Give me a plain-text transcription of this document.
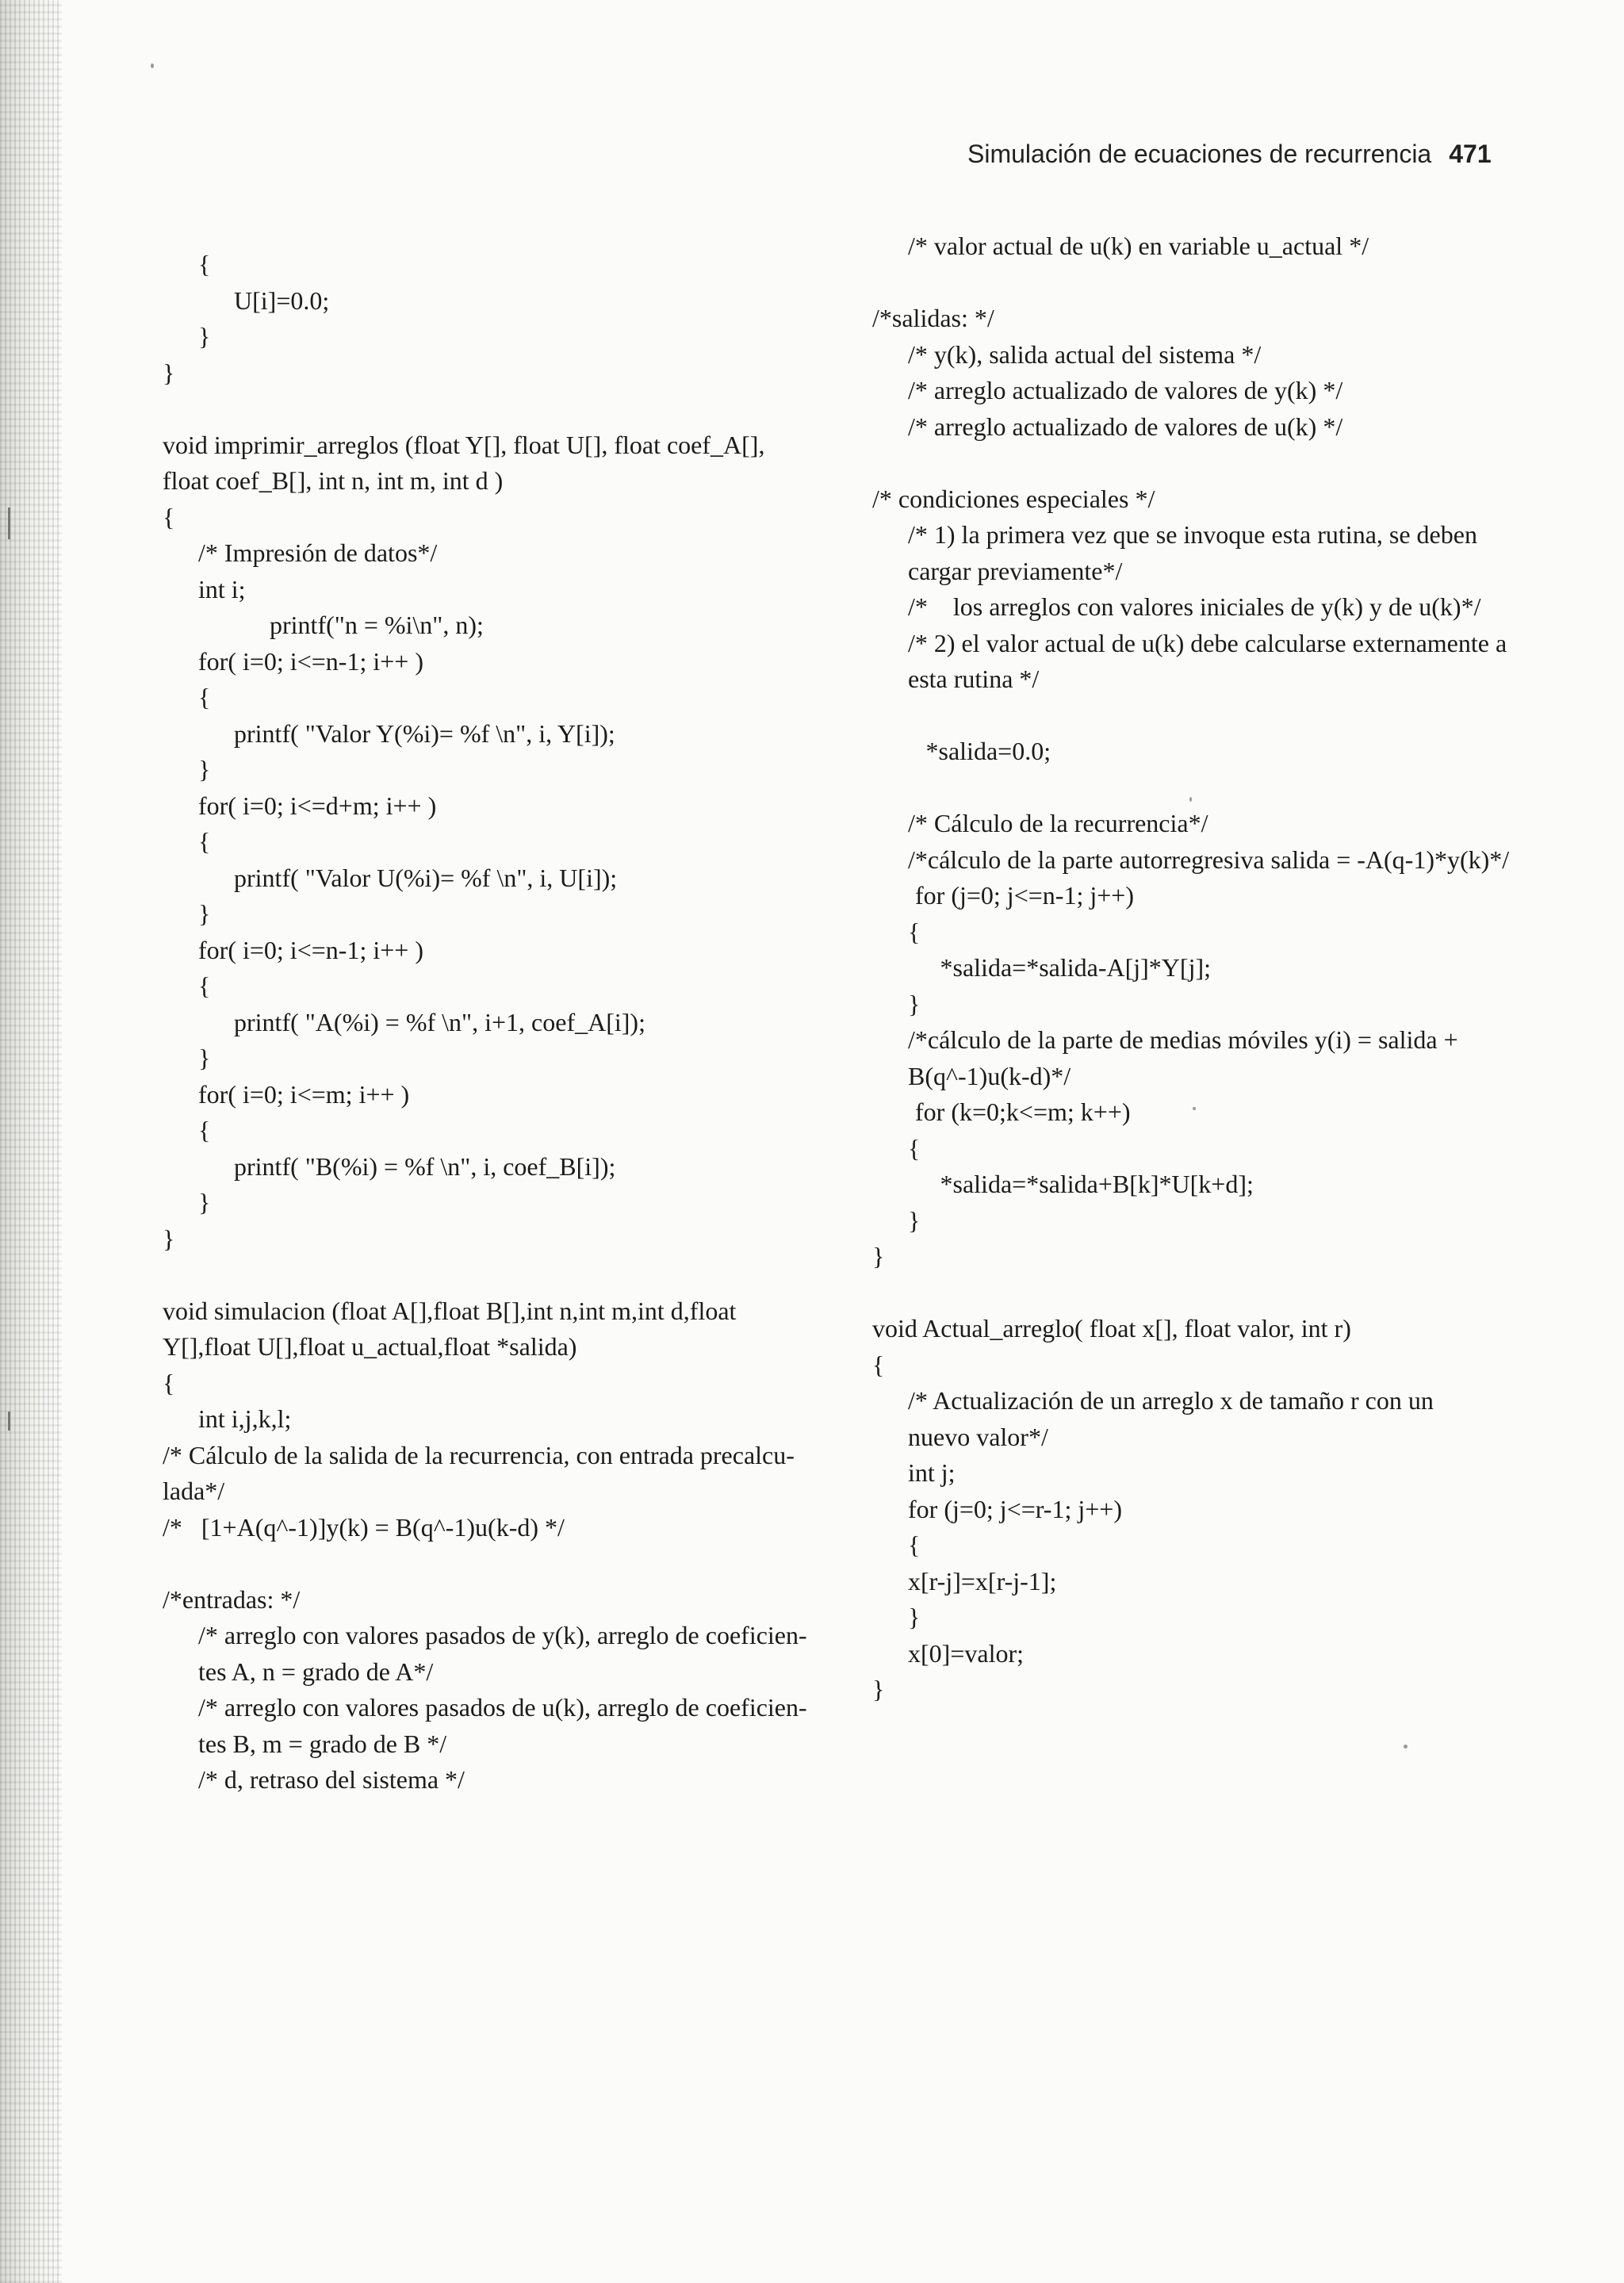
Simulación de ecuaciones de recurrencia 471
{
U[i]=0.0;
}
}

void imprimir_arreglos (float Y[], float U[], float coef_A[],
float coef_B[], int n, int m, int d )
{
/* Impresión de datos*/
int i;
printf("n = %i\n", n);
for( i=0; i<=n-1; i++ )
{
printf( "Valor Y(%i)= %f \n", i, Y[i]);
}
for( i=0; i<=d+m; i++ )
{
printf( "Valor U(%i)= %f \n", i, U[i]);
}
for( i=0; i<=n-1; i++ )
{
printf( "A(%i) = %f \n", i+1, coef_A[i]);
}
for( i=0; i<=m; i++ )
{
printf( "B(%i) = %f \n", i, coef_B[i]);
}
}

void simulacion (float A[],float B[],int n,int m,int d,float
Y[],float U[],float u_actual,float *salida)
{
int i,j,k,l;
/* Cálculo de la salida de la recurrencia, con entrada precalcu-
lada*/
/*   [1+A(q^-1)]y(k) = B(q^-1)u(k-d) */

/*entradas: */
/* arreglo con valores pasados de y(k), arreglo de coeficien-
tes A, n = grado de A*/
/* arreglo con valores pasados de u(k), arreglo de coeficien-
tes B, m = grado de B */
/* d, retraso del sistema */
/* valor actual de u(k) en variable u_actual */

/*salidas: */
/* y(k), salida actual del sistema */
/* arreglo actualizado de valores de y(k) */
/* arreglo actualizado de valores de u(k) */

/* condiciones especiales */
/* 1) la primera vez que se invoque esta rutina, se deben
cargar previamente*/
/*    los arreglos con valores iniciales de y(k) y de u(k)*/
/* 2) el valor actual de u(k) debe calcularse externamente a
esta rutina */

*salida=0.0;

/* Cálculo de la recurrencia*/
/*cálculo de la parte autorregresiva salida = -A(q-1)*y(k)*/
for (j=0; j<=n-1; j++)
{
*salida=*salida-A[j]*Y[j];
}
/*cálculo de la parte de medias móviles y(i) = salida +
B(q^-1)u(k-d)*/
for (k=0;k<=m; k++)
{
*salida=*salida+B[k]*U[k+d];
}
}

void Actual_arreglo( float x[], float valor, int r)
{
/* Actualización de un arreglo x de tamaño r con un
nuevo valor*/
int j;
for (j=0; j<=r-1; j++)
{
x[r-j]=x[r-j-1];
}
x[0]=valor;
}
